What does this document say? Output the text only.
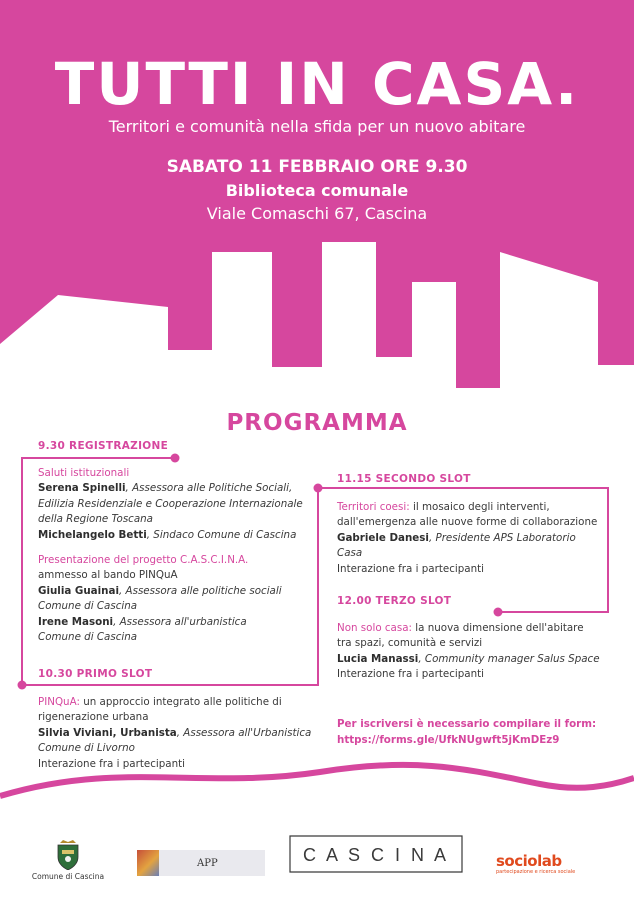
TUTTI IN CASA.
Territori e comunità nella sfida per un nuovo abitare
SABATO 11 FEBBRAIO ORE 9.30
Biblioteca comunale
Viale Comaschi 67, Cascina
PROGRAMMA
9.30 REGISTRAZIONE

Saluti istituzionali

Serena Spinelli, Assessora alle Politiche Sociali,

Edilizia Residenziale e Cooperazione Internazionale

della Regione Toscana

Michelangelo Betti, Sindaco Comune di Cascina

Presentazione del progetto C.A.S.C.I.N.A.

ammesso al bando PINQuA

Giulia Guainai, Assessora alle politiche sociali

Comune di Cascina

Irene Masoni, Assessora all'urbanistica

Comune di Cascina

10.30 PRIMO SLOT

PINQuA: un approccio integrato alle politiche di

rigenerazione urbana

Silvia Viviani, Urbanista, Assessora all'Urbanistica

Comune di Livorno

Interazione fra i partecipanti

11.15 SECONDO SLOT

Territori coesi: il mosaico degli interventi,

dall'emergenza alle nuove forme di collaborazione

Gabriele Danesi, Presidente APS Laboratorio

Casa

Interazione fra i partecipanti

12.00 TERZO SLOT

Non solo casa: la nuova dimensione dell'abitare

tra spazi, comunità e servizi

Lucia Manassi, Community manager Salus Space

Interazione fra i partecipanti

Per iscriversi è necessario compilare il form:

https://forms.gle/UfkNUgwft5jKmDEz9

Comune di Cascina
APP	C A S C I N A	sociolab
partecipazione e ricerca sociale
